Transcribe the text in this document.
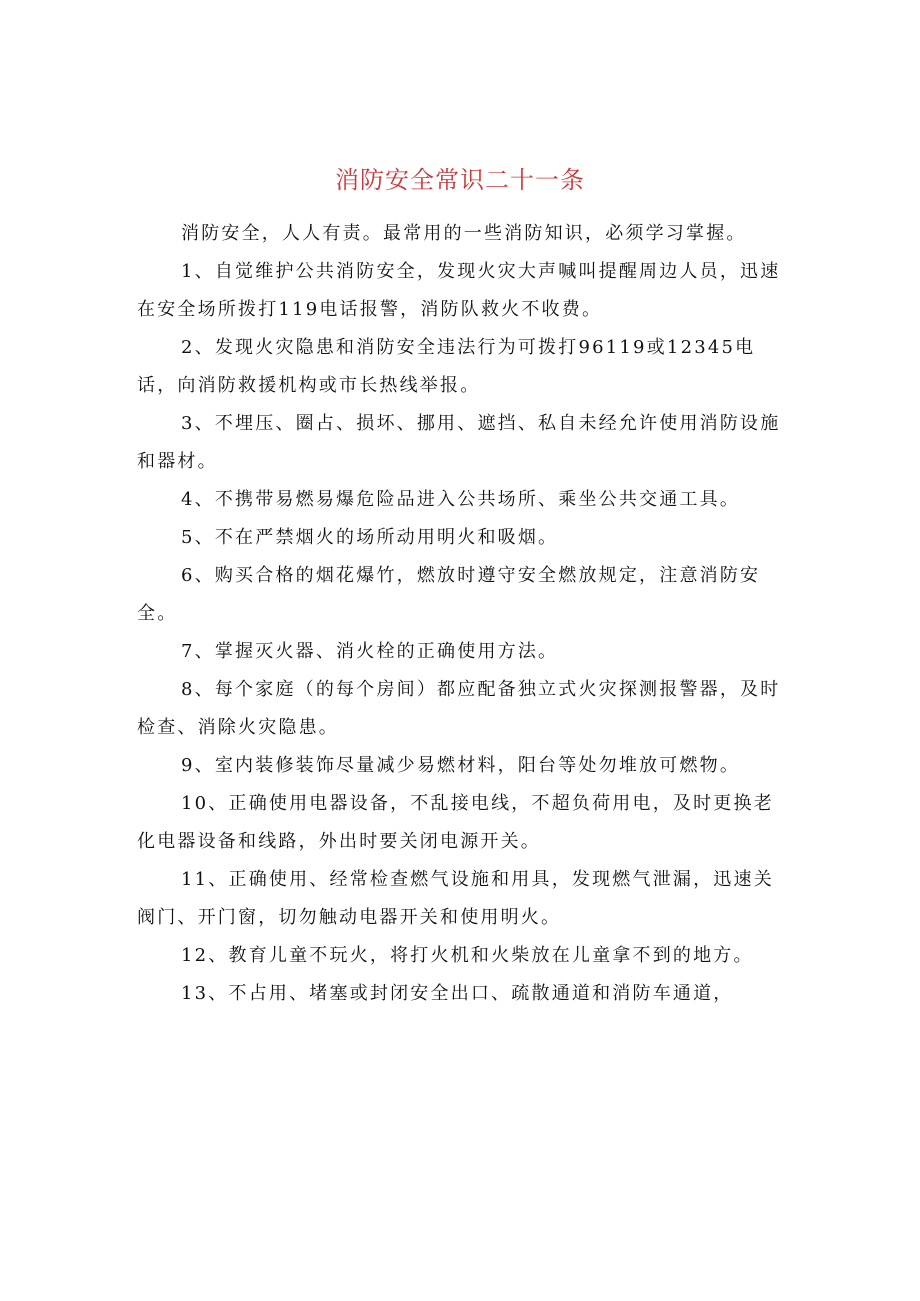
消防安全常识二十一条

消防安全，人人有责。最常用的一些消防知识，必须学习掌握。

1、自觉维护公共消防安全，发现火灾大声喊叫提醒周边人员，迅速在安全场所拨打119电话报警，消防队救火不收费。

2、发现火灾隐患和消防安全违法行为可拨打96119或12345电话，向消防救援机构或市长热线举报。

3、不埋压、圈占、损坏、挪用、遮挡、私自未经允许使用消防设施和器材。

4、不携带易燃易爆危险品进入公共场所、乘坐公共交通工具。

5、不在严禁烟火的场所动用明火和吸烟。

6、购买合格的烟花爆竹，燃放时遵守安全燃放规定，注意消防安全。

7、掌握灭火器、消火栓的正确使用方法。

8、每个家庭（的每个房间）都应配备独立式火灾探测报警器，及时检查、消除火灾隐患。

9、室内装修装饰尽量减少易燃材料，阳台等处勿堆放可燃物。

10、正确使用电器设备，不乱接电线，不超负荷用电，及时更换老化电器设备和线路，外出时要关闭电源开关。

11、正确使用、经常检查燃气设施和用具，发现燃气泄漏，迅速关阀门、开门窗，切勿触动电器开关和使用明火。

12、教育儿童不玩火，将打火机和火柴放在儿童拿不到的地方。

13、不占用、堵塞或封闭安全出口、疏散通道和消防车通道，
